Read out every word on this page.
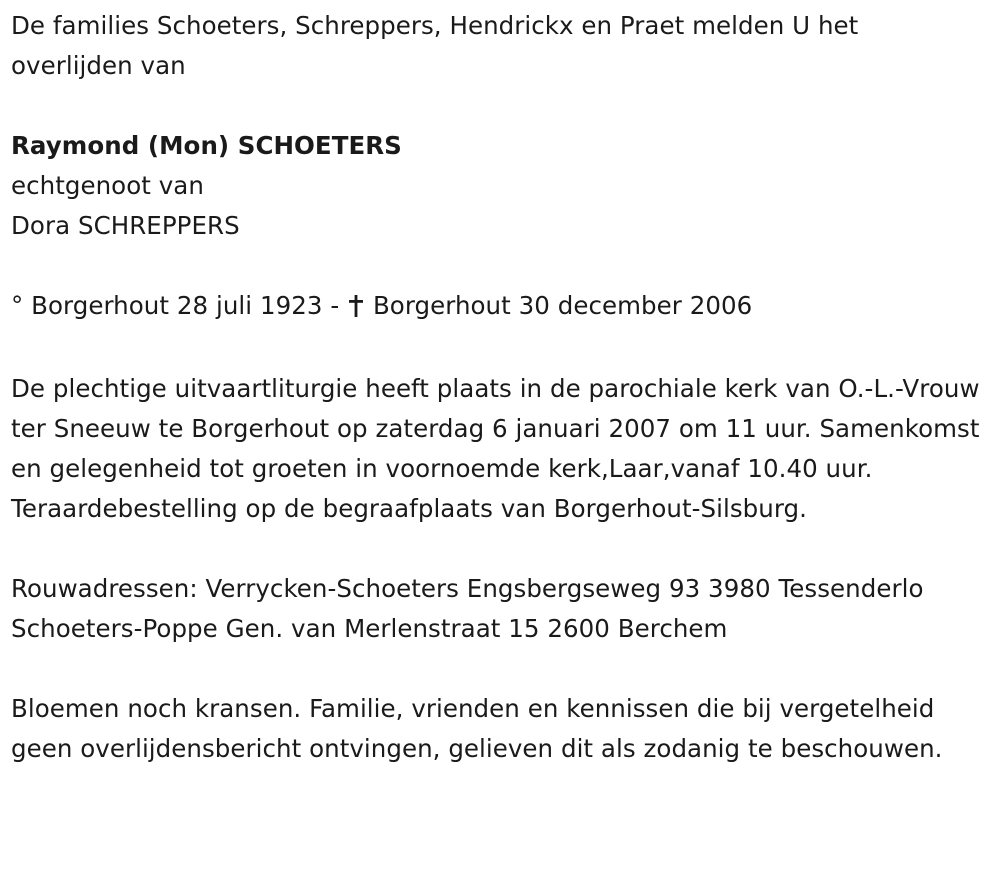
De families Schoeters, Schreppers, Hendrickx en Praet melden U het overlijden van

Raymond (Mon) SCHOETERS

echtgenoot van

Dora SCHREPPERS

° Borgerhout 28 juli 1923 - Borgerhout 30 december 2006

De plechtige uitvaartliturgie heeft plaats in de parochiale kerk van O.-L.-Vrouw ter Sneeuw te Borgerhout op zaterdag 6 januari 2007 om 11 uur. Samenkomst en gelegenheid tot groeten in voornoemde kerk,Laar,vanaf 10.40 uur. Teraardebestelling op de begraafplaats van Borgerhout-Silsburg.

Rouwadressen: Verrycken-Schoeters Engsbergseweg 93 3980 Tessenderlo Schoeters-Poppe Gen. van Merlenstraat 15 2600 Berchem

Bloemen noch kransen. Familie, vrienden en kennissen die bij vergetelheid geen overlijdensbericht ontvingen, gelieven dit als zodanig te beschouwen.
